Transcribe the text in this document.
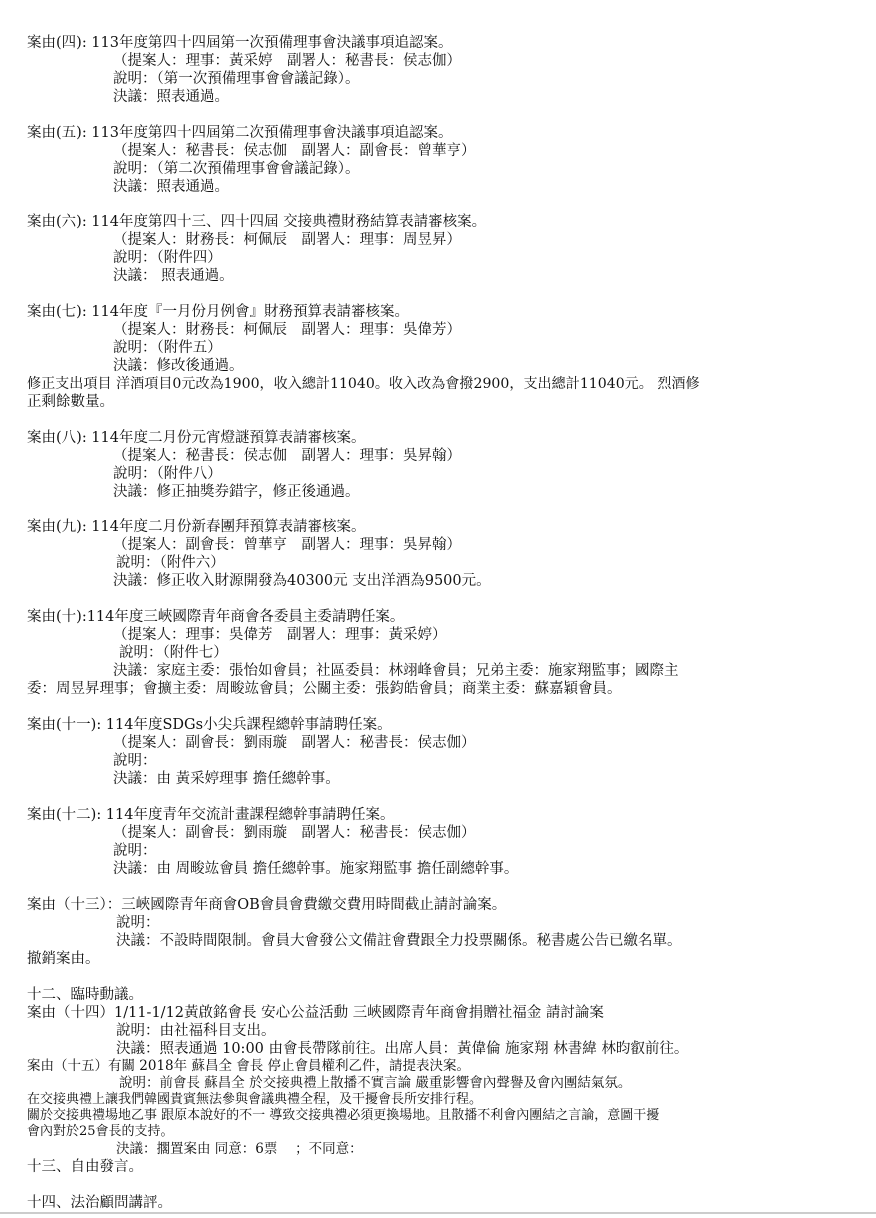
案由(四): 113年度第四十四屆第一次預備理事會決議事項追認案。
（提案人：理事：黃采婷　副署人：秘書長：侯志伽）
說明：（第一次預備理事會會議記錄）。
決議：照表通過。
案由(五): 113年度第四十四屆第二次預備理事會決議事項追認案。
（提案人：秘書長：侯志伽　副署人：副會長：曾華亨）
說明：（第二次預備理事會會議記錄）。
決議：照表通過。
案由(六): 114年度第四十三、四十四屆 交接典禮財務結算表請審核案。
（提案人：財務長：柯佩辰　副署人：理事：周昱昇）
說明：（附件四）
決議： 照表通過。
案由(七): 114年度『一月份月例會』財務預算表請審核案。
（提案人：財務長：柯佩辰　副署人：理事：吳偉芳）
說明：（附件五）
決議：修改後通過。
修正支出項目 洋酒項目0元改為1900，收入總計11040。收入改為會撥2900，支出總計11040元。 烈酒修
正剩餘數量。
案由(八): 114年度二月份元宵燈謎預算表請審核案。
（提案人：秘書長：侯志伽　副署人：理事：吳昇翰）
說明：（附件八）
決議：修正抽獎券錯字，修正後通過。
案由(九): 114年度二月份新春團拜預算表請審核案。
（提案人：副會長：曾華亨　副署人：理事：吳昇翰）
說明：（附件六）
決議：修正收入財源開發為40300元 支出洋酒為9500元。
案由(十):114年度三峽國際青年商會各委員主委請聘任案。
（提案人：理事：吳偉芳　副署人：理事：黃采婷）
說明：（附件七）
決議：家庭主委：張怡如會員；社區委員：林翊峰會員；兄弟主委：施家翔監事；國際主
委：周昱昇理事；會擴主委：周畯竑會員；公關主委：張鈞皓會員；商業主委：蘇嘉穎會員。
案由(十一): 114年度SDGs小尖兵課程總幹事請聘任案。
（提案人：副會長：劉雨璇　副署人：秘書長：侯志伽）
說明：
決議：由 黃采婷理事 擔任總幹事。
案由(十二): 114年度青年交流計畫課程總幹事請聘任案。
（提案人：副會長：劉雨璇　副署人：秘書長：侯志伽）
說明：
決議：由 周畯竑會員 擔任總幹事。施家翔監事 擔任副總幹事。
案由（十三）：三峽國際青年商會OB會員會費繳交費用時間截止請討論案。
說明：
決議：不設時間限制。會員大會發公文備註會費跟全力投票關係。秘書處公告已繳名單。
撤銷案由。
十二、臨時動議。
案由（十四）1/11-1/12黃啟銘會長 安心公益活動 三峽國際青年商會捐贈社福金 請討論案
說明：由社福科目支出。
決議：照表通過 10:00 由會長帶隊前往。出席人員：黃偉倫 施家翔 林書緯 林昀叡前往。
案由（十五）有關 2018年 蘇昌全 會長 停止會員權利乙件，請提表決案。
說明：前會長 蘇昌全 於交接典禮上散播不實言論 嚴重影響會內聲譽及會內團結氣氛。
在交接典禮上讓我們韓國貴賓無法參與會議典禮全程，及干擾會長所安排行程。
關於交接典禮場地乙事 跟原本說好的不一 導致交接典禮必須更換場地。且散播不利會內團結之言論，意圖干擾
會內對於25會長的支持。
決議：擱置案由 同意：6票　 ；不同意：
十三、自由發言。
十四、法治顧問講評。
